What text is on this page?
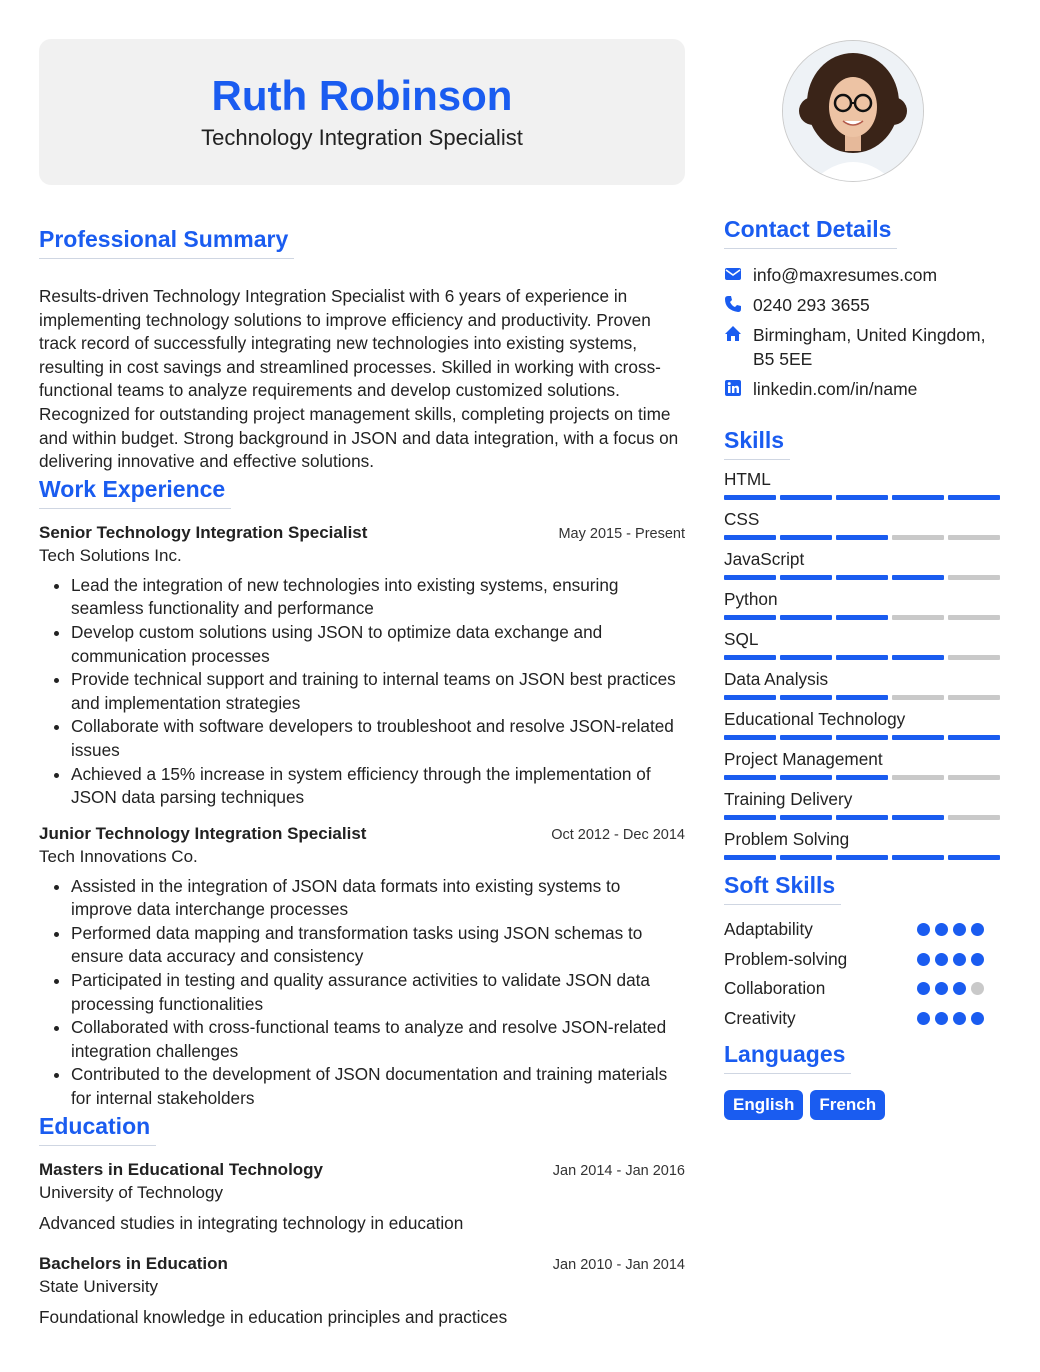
Ruth Robinson
Technology Integration Specialist
Professional Summary

Results-driven Technology Integration Specialist with 6 years of experience in implementing technology solutions to improve efficiency and productivity. Proven track record of successfully integrating new technologies into existing systems, resulting in cost savings and streamlined processes. Skilled in working with cross-functional teams to analyze requirements and develop customized solutions. Recognized for outstanding project management skills, completing projects on time and within budget. Strong background in JSON and data integration, with a focus on delivering innovative and effective solutions.

Work Experience
Senior Technology Integration Specialist	May 2015 - Present
Tech Solutions Inc.
• Lead the integration of new technologies into existing systems, ensuring seamless functionality and performance
• Develop custom solutions using JSON to optimize data exchange and communication processes
• Provide technical support and training to internal teams on JSON best practices and implementation strategies
• Collaborate with software developers to troubleshoot and resolve JSON-related issues
• Achieved a 15% increase in system efficiency through the implementation of JSON data parsing techniques
Junior Technology Integration Specialist	Oct 2012 - Dec 2014
Tech Innovations Co.
• Assisted in the integration of JSON data formats into existing systems to improve data interchange processes
• Performed data mapping and transformation tasks using JSON schemas to ensure data accuracy and consistency
• Participated in testing and quality assurance activities to validate JSON data processing functionalities
• Collaborated with cross-functional teams to analyze and resolve JSON-related integration challenges
• Contributed to the development of JSON documentation and training materials for internal stakeholders
Education
Masters in Educational Technology	Jan 2014 - Jan 2016
University of Technology
Advanced studies in integrating technology in education
Bachelors in Education	Jan 2010 - Jan 2014
State University
Foundational knowledge in education principles and practices
Contact Details
info@maxresumes.com
0240 293 3655
Birmingham, United Kingdom, B5 5EE
linkedin.com/in/name
Skills
HTML
CSS
JavaScript
Python
SQL
Data Analysis
Educational Technology
Project Management
Training Delivery
Problem Solving
Soft Skills
Adaptability
Problem-solving
Collaboration
Creativity
Languages
English	French
